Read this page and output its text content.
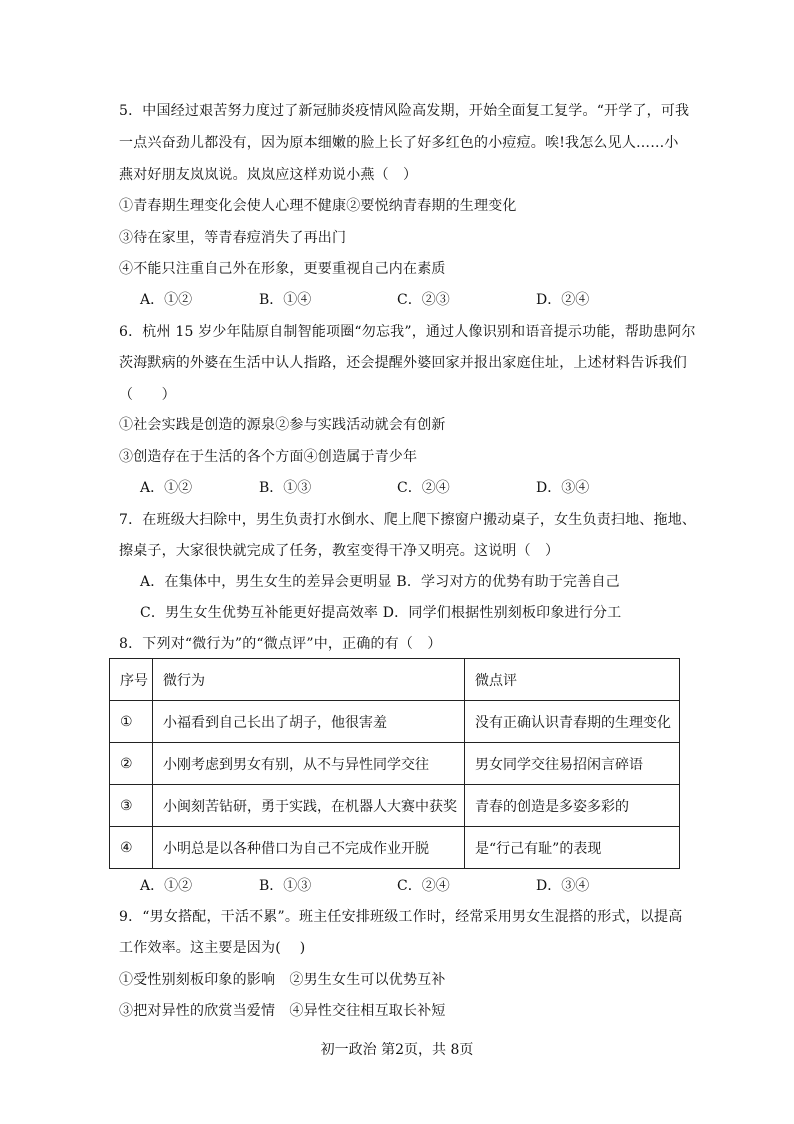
5．中国经过艰苦努力度过了新冠肺炎疫情风险高发期，开始全面复工复学。“开学了，可我
一点兴奋劲儿都没有，因为原本细嫩的脸上长了好多红色的小痘痘。唉!我怎么见人……小
燕对好朋友岚岚说。岚岚应这样劝说小燕（　）
①青春期生理变化会使人心理不健康②要悦纳青春期的生理变化
③待在家里，等青春痘消失了再出门
④不能只注重自己外在形象，更要重视自己内在素质
A．①②	B．①④	C．②③	D．②④
6．杭州 15 岁少年陆原自制智能项圈“勿忘我”，通过人像识别和语音提示功能，帮助患阿尔
茨海默病的外婆在生活中认人指路，还会提醒外婆回家并报出家庭住址，上述材料告诉我们
（　　）
①社会实践是创造的源泉②参与实践活动就会有创新
③创造存在于生活的各个方面④创造属于青少年
A．①②	B．①③	C．②④	D．③④
7．在班级大扫除中，男生负责打水倒水、爬上爬下擦窗户搬动桌子，女生负责扫地、拖地、
擦桌子，大家很快就完成了任务，教室变得干净又明亮。这说明（　）
A．在集体中，男生女生的差异会更明显 B．学习对方的优势有助于完善自己
C．男生女生优势互补能更好提高效率 D．同学们根据性别刻板印象进行分工
8．下列对“微行为”的“微点评”中，正确的有（　）
序号	微行为	微点评
①	小福看到自己长出了胡子，他很害羞	没有正确认识青春期的生理变化
②	小刚考虑到男女有别，从不与异性同学交往	男女同学交往易招闲言碎语
③	小闽刻苦钻研，勇于实践，在机器人大赛中获奖	青春的创造是多姿多彩的
④	小明总是以各种借口为自己不完成作业开脱	是“行己有耻”的表现
A．①②	B．①③	C．②④	D．③④
9．“男女搭配，干活不累”。班主任安排班级工作时，经常采用男女生混搭的形式，以提高
工作效率。这主要是因为(　 )
①受性别刻板印象的影响　②男生女生可以优势互补
③把对异性的欣赏当爱情　④异性交往相互取长补短
初一政治 第2页，共 8页
